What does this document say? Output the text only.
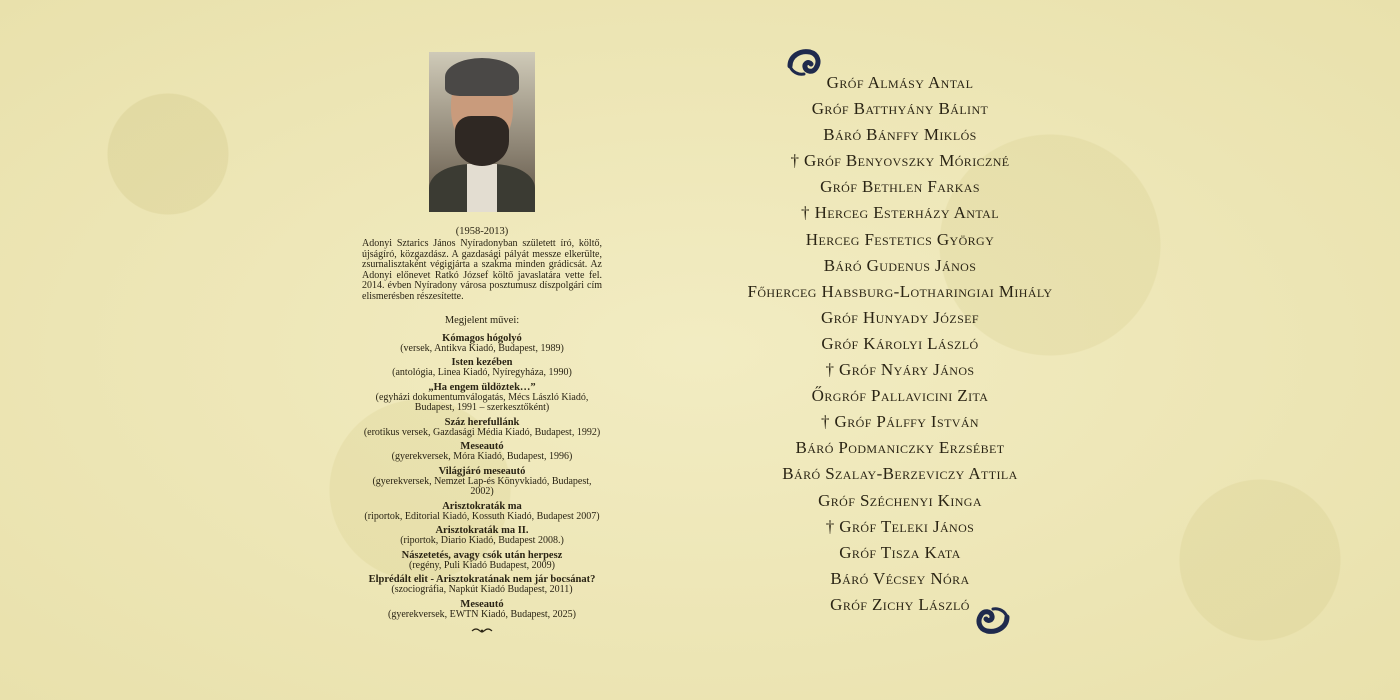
(1958-2013)
Adonyi Sztarics János Nyíradonyban született író, költő, újságíró, közgazdász. A gazdasági pályát messze elkerülte, zsurnalisztaként végigjárta a szakma minden grádicsát. Az Adonyi előnevet Ratkó József költő javaslatára vette fel. 2014. évben Nyíradony városa posztumusz díszpolgári cím elismerésben részesítette.
Megjelent művei:
Kómagos hógolyó
(versek, Antikva Kiadó, Budapest, 1989)
Isten kezében
(antológia, Linea Kiadó, Nyíregyháza, 1990)
„Ha engem üldöztek…”
(egyházi dokumentumválogatás, Mécs László Kiadó, Budapest, 1991 – szerkesztőként)
Száz herefullánk
(erotikus versek, Gazdasági Média Kiadó, Budapest, 1992)
Meseautó
(gyerekversek, Móra Kiadó, Budapest, 1996)
Világjáró meseautó
(gyerekversek, Nemzet Lap-és Könyvkiadó, Budapest, 2002)
Arisztokraták ma
(riportok, Editorial Kiadó, Kossuth Kiadó, Budapest 2007)
Arisztokraták ma II.
(riportok, Diario Kiadó, Budapest 2008.)
Nászetetés, avagy csók után herpesz
(regény, Puli Kiadó Budapest, 2009)
Elprédált elit - Arisztokratának nem jár bocsánat?
(szociográfia, Napkút Kiadó Budapest, 2011)
Meseautó
(gyerekversek, EWTN Kiadó, Budapest, 2025)
Gróf Almásy Antal
Gróf Batthyány Bálint
Báró Bánffy Miklós
† Gróf Benyovszky Móriczné
Gróf Bethlen Farkas
† Herceg Esterházy Antal
Herceg Festetics György
Báró Gudenus János
Főherceg Habsburg-Lotharingiai Mihály
Gróf Hunyady József
Gróf Károlyi László
† Gróf Nyáry János
Őrgróf Pallavicini Zita
† Gróf Pálffy István
Báró Podmaniczky Erzsébet
Báró Szalay-Berzeviczy Attila
Gróf Széchenyi Kinga
† Gróf Teleki János
Gróf Tisza Kata
Báró Vécsey Nóra
Gróf Zichy László
